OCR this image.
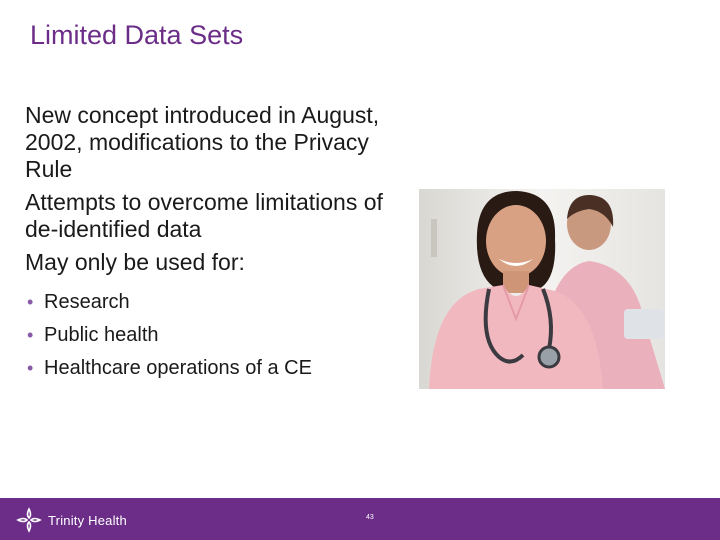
Limited Data Sets

New concept introduced in August, 2002, modifications to the Privacy Rule

Attempts to overcome limitations of de-identified data

May only be used for:

• Research
• Public health
• Healthcare operations of a CE
Trinity Health	43
